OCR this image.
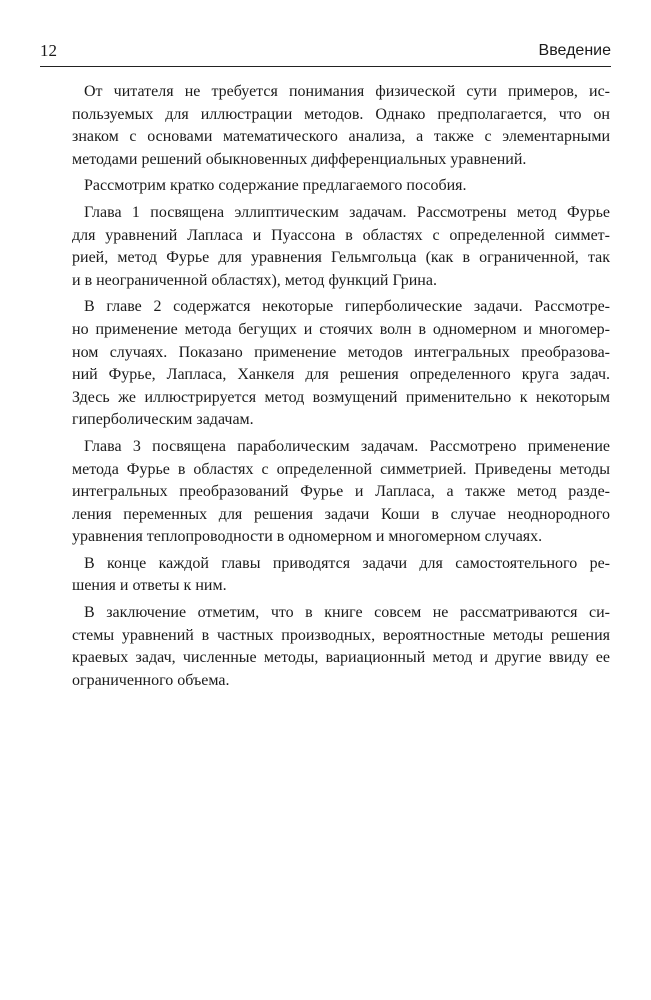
12	Введение

От читателя не требуется понимания физической сути примеров, ис-
пользуемых для иллюстрации методов. Однако предполагается, что он
знаком с основами математического анализа, а также с элементарными
методами решений обыкновенных дифференциальных уравнений.

Рассмотрим кратко содержание предлагаемого пособия.

Глава 1 посвящена эллиптическим задачам. Рассмотрены метод Фурье
для уравнений Лапласа и Пуассона в областях с определенной симмет-
рией, метод Фурье для уравнения Гельмгольца (как в ограниченной, так
и в неограниченной областях), метод функций Грина.

В главе 2 содержатся некоторые гиперболические задачи. Рассмотре-
но применение метода бегущих и стоячих волн в одномерном и многомер-
ном случаях. Показано применение методов интегральных преобразова-
ний Фурье, Лапласа, Ханкеля для решения определенного круга задач.
Здесь же иллюстрируется метод возмущений применительно к некоторым
гиперболическим задачам.

Глава 3 посвящена параболическим задачам. Рассмотрено применение
метода Фурье в областях с определенной симметрией. Приведены методы
интегральных преобразований Фурье и Лапласа, а также метод разде-
ления переменных для решения задачи Коши в случае неоднородного
уравнения теплопроводности в одномерном и многомерном случаях.

В конце каждой главы приводятся задачи для самостоятельного ре-
шения и ответы к ним.

В заключение отметим, что в книге совсем не рассматриваются си-
стемы уравнений в частных производных, вероятностные методы решения
краевых задач, численные методы, вариационный метод и другие ввиду ее
ограниченного объема.
